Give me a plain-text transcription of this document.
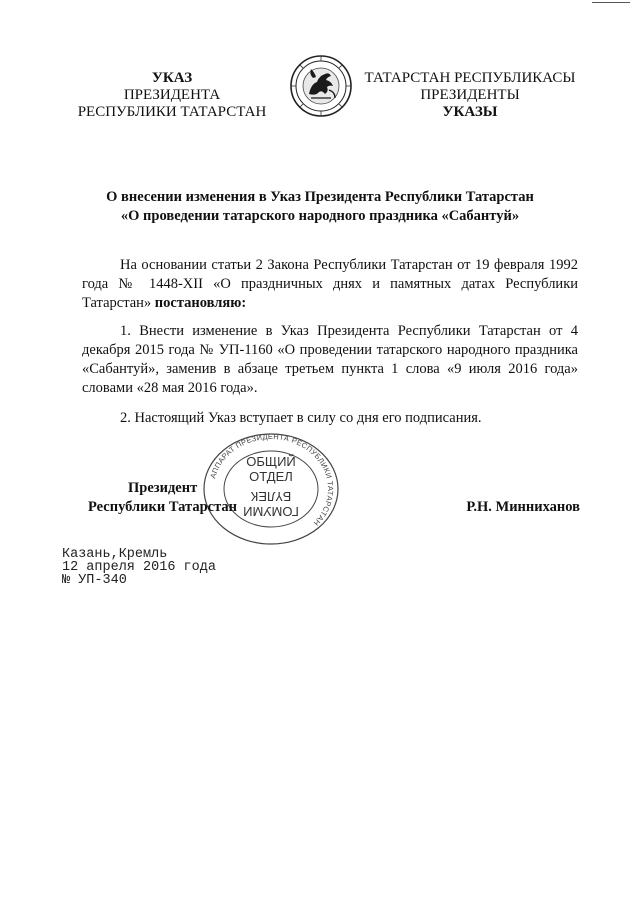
УКАЗ
ПРЕЗИДЕНТА
РЕСПУБЛИКИ ТАТАРСТАН
ТАТАРСТАН РЕСПУБЛИКАСЫ
ПРЕЗИДЕНТЫ
УКАЗЫ
О внесении изменения в Указ Президента Республики Татарстан
«О проведении татарского народного праздника «Сабантуй»
На основании статьи 2 Закона Республики Татарстан от 19 февраля 1992 года № 1448-XII «О праздничных днях и памятных датах Республики Татарстан» постановляю:
1. Внести изменение в Указ Президента Республики Татарстан от 4 декабря 2015 года № УП-1160 «О проведении татарского народного праздника «Сабантуй», заменив в абзаце третьем пункта 1 слова «9 июля 2016 года» словами «28 мая 2016 года».
2. Настоящий Указ вступает в силу со дня его подписания.
АППАРАТ ПРЕЗИДЕНТА РЕСПУБЛИКИ ТАТАРСТАН
ОБЩИЙ
ОТДЕЛ
ГОМУМИ
БҮЛЕК
Президент
Республики Татарстан	Р.Н. Минниханов
Казань,Кремль
12 апреля 2016 года
№ УП-340
